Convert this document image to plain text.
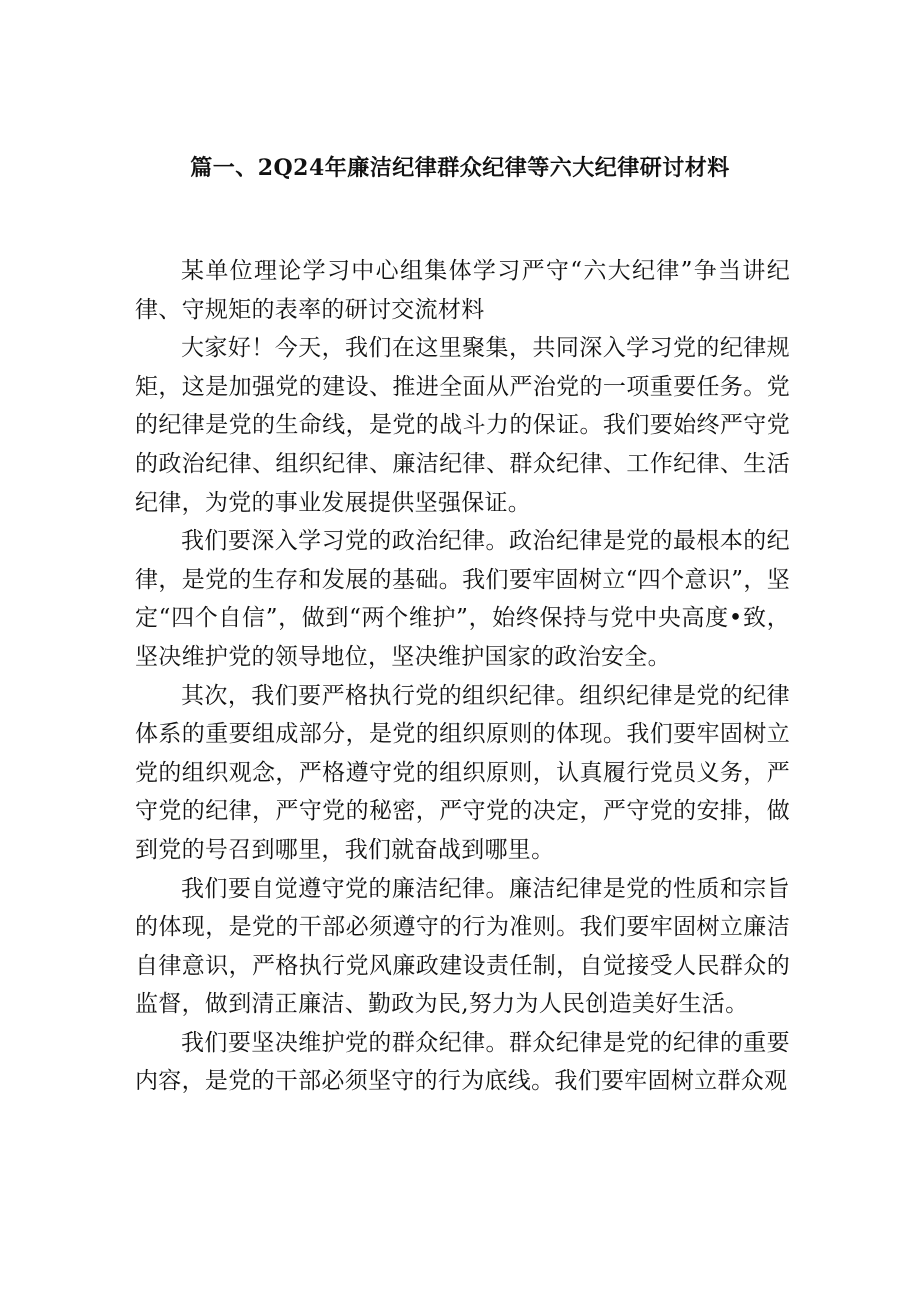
篇一、2Q24年廉洁纪律群众纪律等六大纪律研讨材料

某单位理论学习中心组集体学习严守“六大纪律”争当讲纪律、守规矩的表率的研讨交流材料

大家好！今天，我们在这里聚集，共同深入学习党的纪律规矩，这是加强党的建设、推进全面从严治党的一项重要任务。党的纪律是党的生命线，是党的战斗力的保证。我们要始终严守党的政治纪律、组织纪律、廉洁纪律、群众纪律、工作纪律、生活纪律，为党的事业发展提供坚强保证。

我们要深入学习党的政治纪律。政治纪律是党的最根本的纪律，是党的生存和发展的基础。我们要牢固树立“四个意识”，坚定“四个自信”，做到“两个维护”，始终保持与党中央高度•致，坚决维护党的领导地位，坚决维护国家的政治安全。

其次，我们要严格执行党的组织纪律。组织纪律是党的纪律体系的重要组成部分，是党的组织原则的体现。我们要牢固树立党的组织观念，严格遵守党的组织原则，认真履行党员义务，严守党的纪律，严守党的秘密，严守党的决定，严守党的安排，做到党的号召到哪里，我们就奋战到哪里。

我们要自觉遵守党的廉洁纪律。廉洁纪律是党的性质和宗旨的体现，是党的干部必须遵守的行为准则。我们要牢固树立廉洁自律意识，严格执行党风廉政建设责任制，自觉接受人民群众的监督，做到清正廉洁、勤政为民,努力为人民创造美好生活。

我们要坚决维护党的群众纪律。群众纪律是党的纪律的重要内容，是党的干部必须坚守的行为底线。我们要牢固树立群众观
